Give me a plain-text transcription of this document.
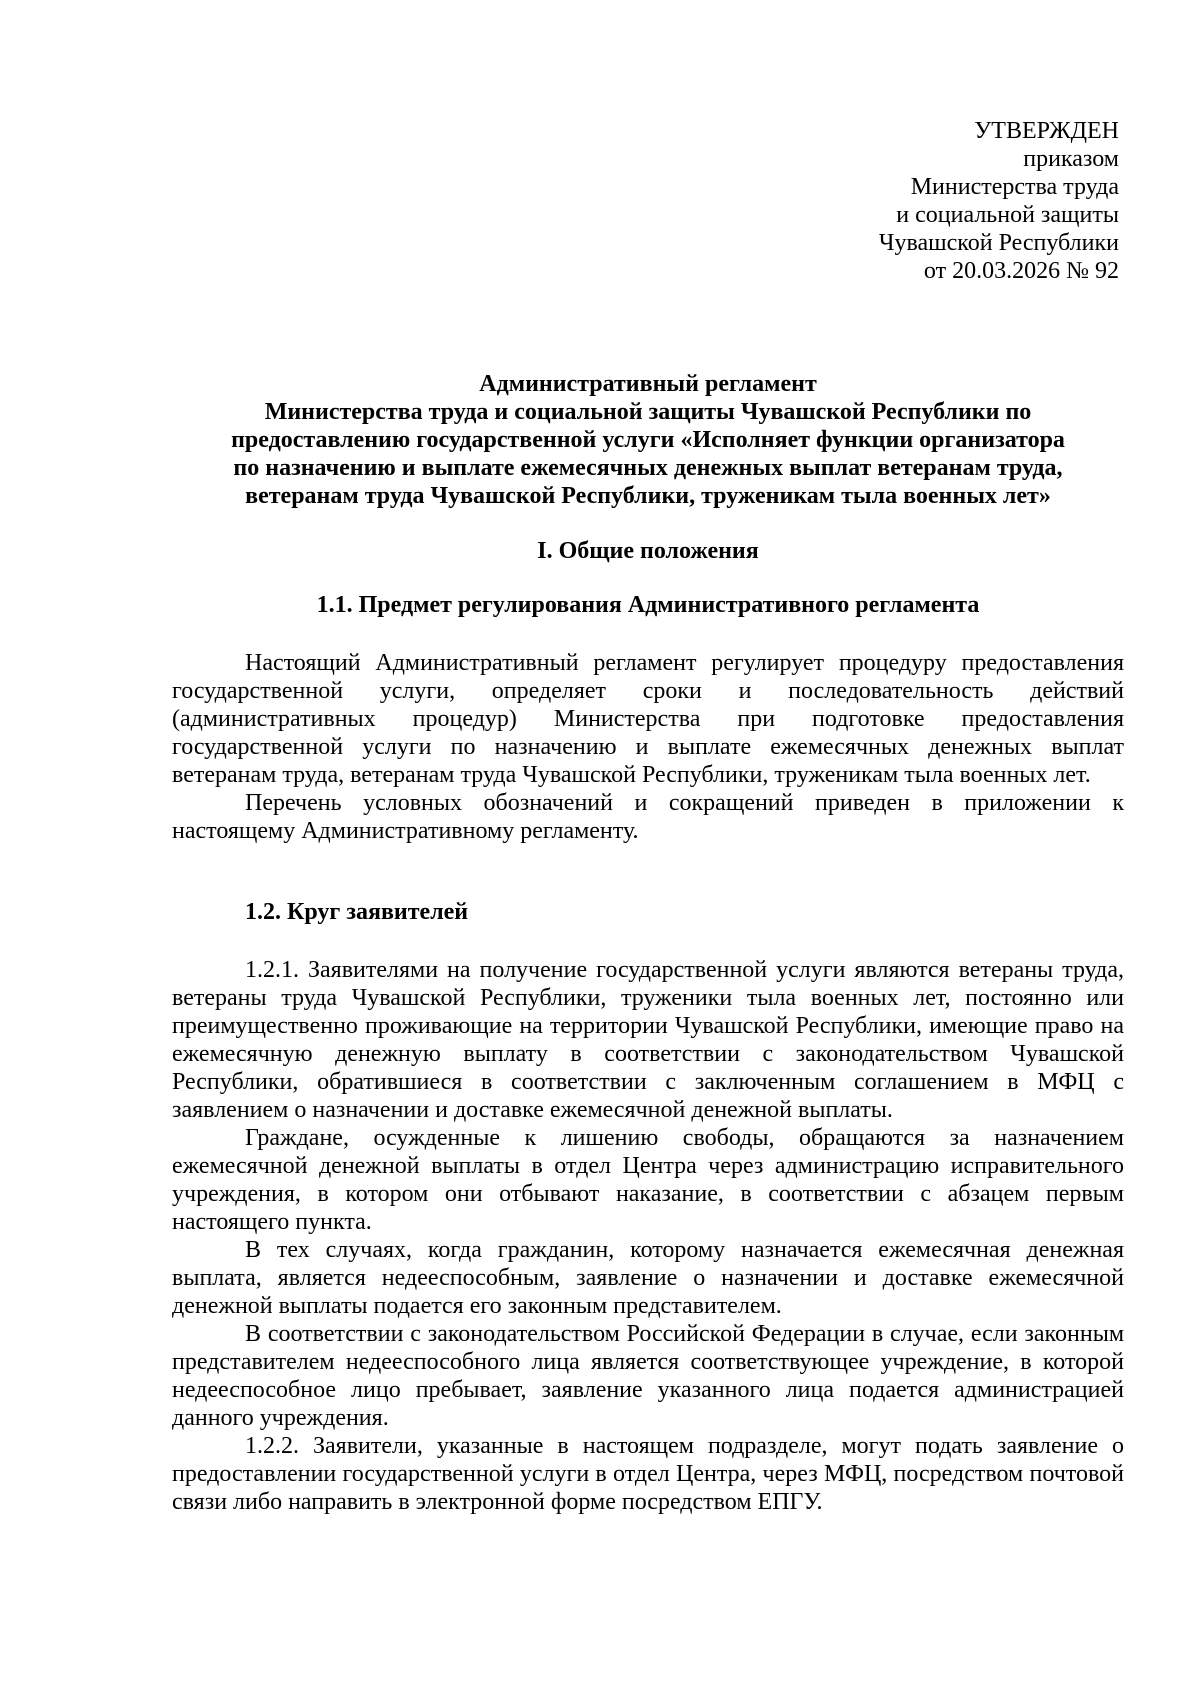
УТВЕРЖДЕН
приказом
Министерства труда
и социальной защиты
Чувашской Республики
от 20.03.2026 № 92
Административный регламент
Министерства труда и социальной защиты Чувашской Республики по
предоставлению государственной услуги «Исполняет функции организатора
по назначению и выплате ежемесячных денежных выплат ветеранам труда,
ветеранам труда Чувашской Республики, труженикам тыла военных лет»
I. Общие положения
1.1. Предмет регулирования Административного регламента

Настоящий Административный регламент регулирует процедуру предоставления государственной услуги, определяет сроки и последовательность действий (административных процедур) Министерства при подготовке предоставления государственной услуги по назначению и выплате ежемесячных денежных выплат ветеранам труда, ветеранам труда Чувашской Республики, труженикам тыла военных лет.

Перечень условных обозначений и сокращений приведен в приложении к настоящему Административному регламенту.

1.2. Круг заявителей

1.2.1. Заявителями на получение государственной услуги являются ветераны труда, ветераны труда Чувашской Республики, труженики тыла военных лет, постоянно или преимущественно проживающие на территории Чувашской Республики, имеющие право на ежемесячную денежную выплату в соответствии с законодательством Чувашской Республики, обратившиеся в соответствии с заключенным соглашением в МФЦ с заявлением о назначении и доставке ежемесячной денежной выплаты.

Граждане, осужденные к лишению свободы, обращаются за назначением ежемесячной денежной выплаты в отдел Центра через администрацию исправительного учреждения, в котором они отбывают наказание, в соответствии с абзацем первым настоящего пункта.

В тех случаях, когда гражданин, которому назначается ежемесячная денежная выплата, является недееспособным, заявление о назначении и доставке ежемесячной денежной выплаты подается его законным представителем.

В соответствии с законодательством Российской Федерации в случае, если законным представителем недееспособного лица является соответствующее учреждение, в которой недееспособное лицо пребывает, заявление указанного лица подается администрацией данного учреждения.

1.2.2. Заявители, указанные в настоящем подразделе, могут подать заявление о предоставлении государственной услуги в отдел Центра, через МФЦ, посредством почтовой связи либо направить в электронной форме посредством ЕПГУ.
